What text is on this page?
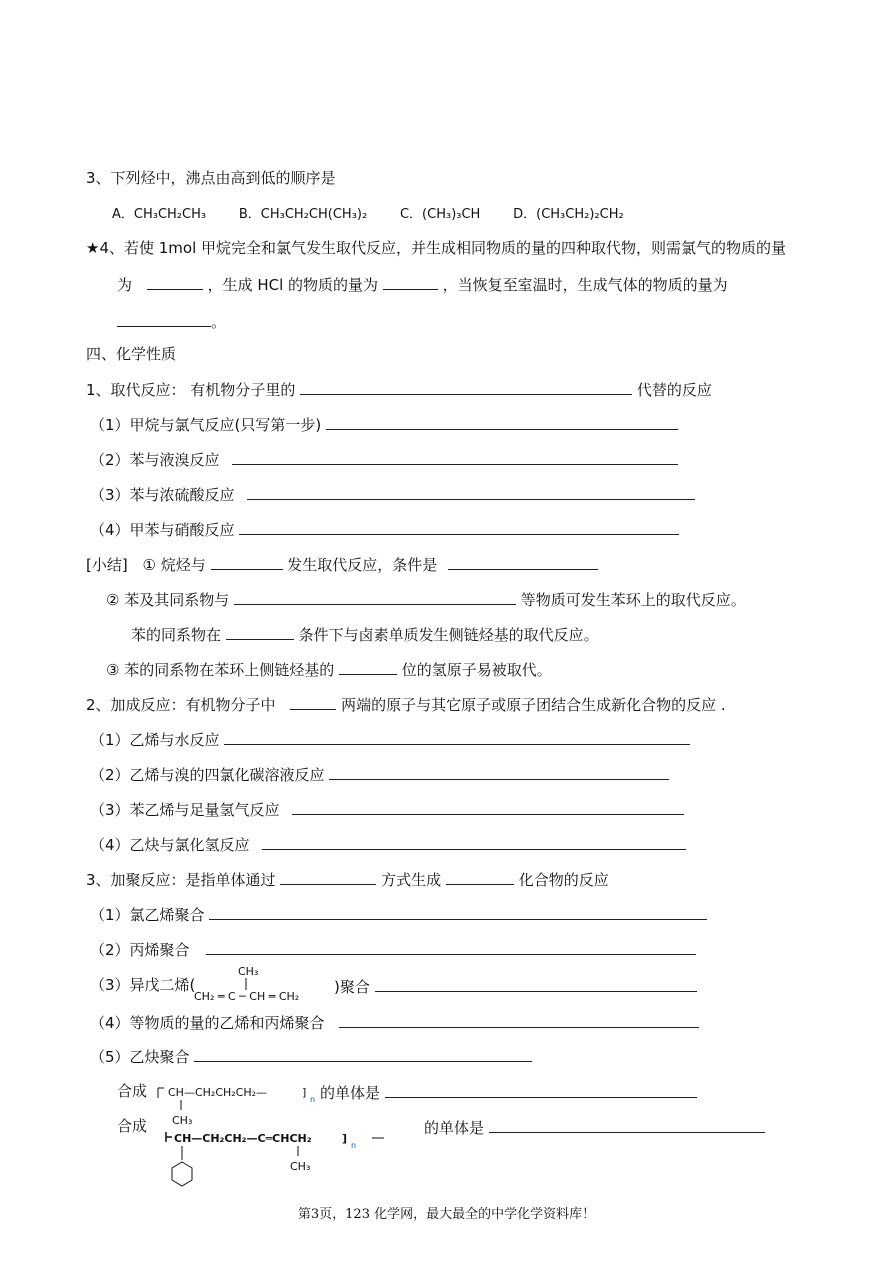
3、下列烃中，沸点由高到低的顺序是
A．CH₃CH₂CH₃	B．CH₃CH₂CH(CH₃)₂	C．(CH₃)₃CH	D．(CH₃CH₂)₂CH₂
★4、若使 1mol 甲烷完全和氯气发生取代反应，并生成相同物质的量的四种取代物，则需氯气的物质的量
为	，生成 HCl 的物质的量为	，当恢复至室温时，生成气体的物质的量为
。
四、化学性质
1、取代反应： 有机物分子里的	代替的反应
（1）甲烷与氯气反应(只写第一步)
（2）苯与液溴反应
（3）苯与浓硫酸反应
（4）甲苯与硝酸反应
[小结] ① 烷烃与	发生取代反应，条件是
② 苯及其同系物与	等物质可发生苯环上的取代反应。
苯的同系物在	条件下与卤素单质发生侧链烃基的取代反应。
③ 苯的同系物在苯环上侧链烃基的	位的氢原子易被取代。
2、加成反应：有机物分子中	两端的原子与其它原子或原子团结合生成新化合物的反应 .
（1）乙烯与水反应
（2）乙烯与溴的四氯化碳溶液反应
（3）苯乙烯与足量氢气反应
（4）乙炔与氯化氢反应
3、加聚反应：是指单体通过	方式生成	化合物的反应
（1）氯乙烯聚合
（2）丙烯聚合
（3）异戊二烯(
CH₃
CH₂ ═ C ─ CH ═ CH₂
)聚合
（4）等物质的量的乙烯和丙烯聚合
（5）乙炔聚合
合成 CH—CH₂CH₂CH₂—
CH₃
]
n 的单体是
合成
CH—CH₂CH₂—C═CHCH₂
CH₃
]
n
的单体是
第3页，123 化学网，最大最全的中学化学资料库！
